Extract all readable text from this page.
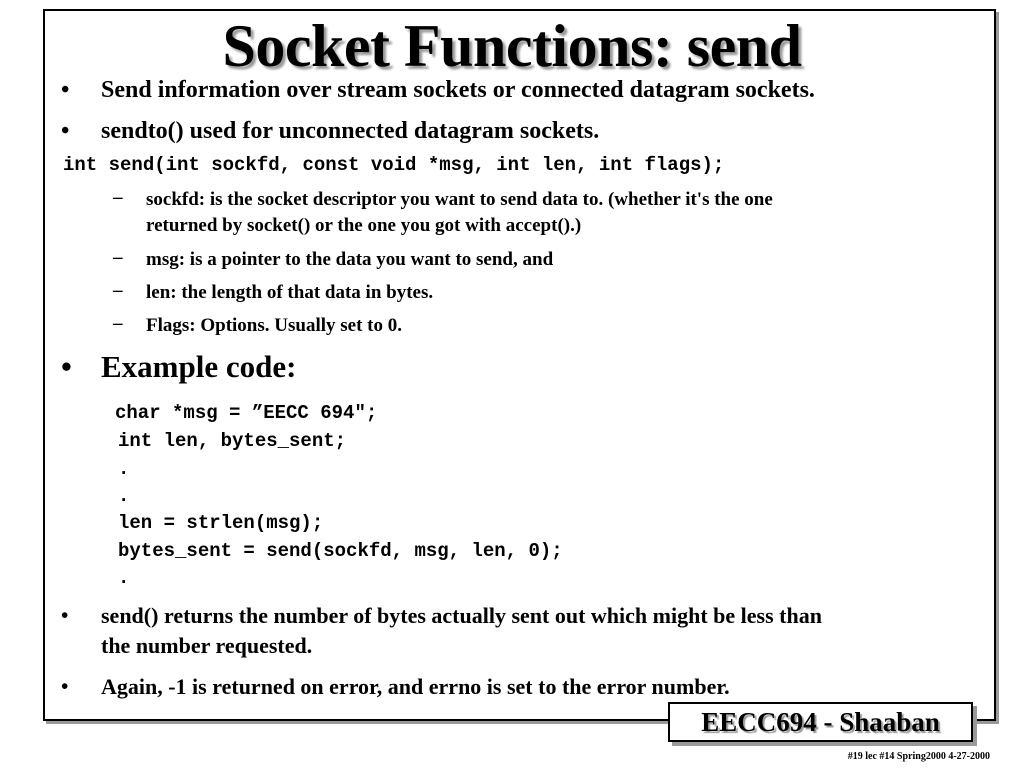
Socket Functions: send
• Send information over stream sockets or connected datagram sockets.
• sendto() used for unconnected datagram sockets.
int send(int sockfd, const void *msg, int len, int flags);
– sockfd: is the socket descriptor you want to send data to. (whether it's the one
returned by socket() or the one you got with accept().)
– msg: is a pointer to the data you want to send, and
– len: the length of that data in bytes.
– Flags: Options. Usually set to 0.
• Example code:
char *msg = ”EECC 694";
int len, bytes_sent;
.
.
len = strlen(msg);
bytes_sent = send(sockfd, msg, len, 0);
.
• send() returns the number of bytes actually sent out which might be less than
the number requested.
• Again, -1 is returned on error, and errno is set to the error number.
EECC694 - Shaaban
#19 lec #14 Spring2000 4-27-2000
